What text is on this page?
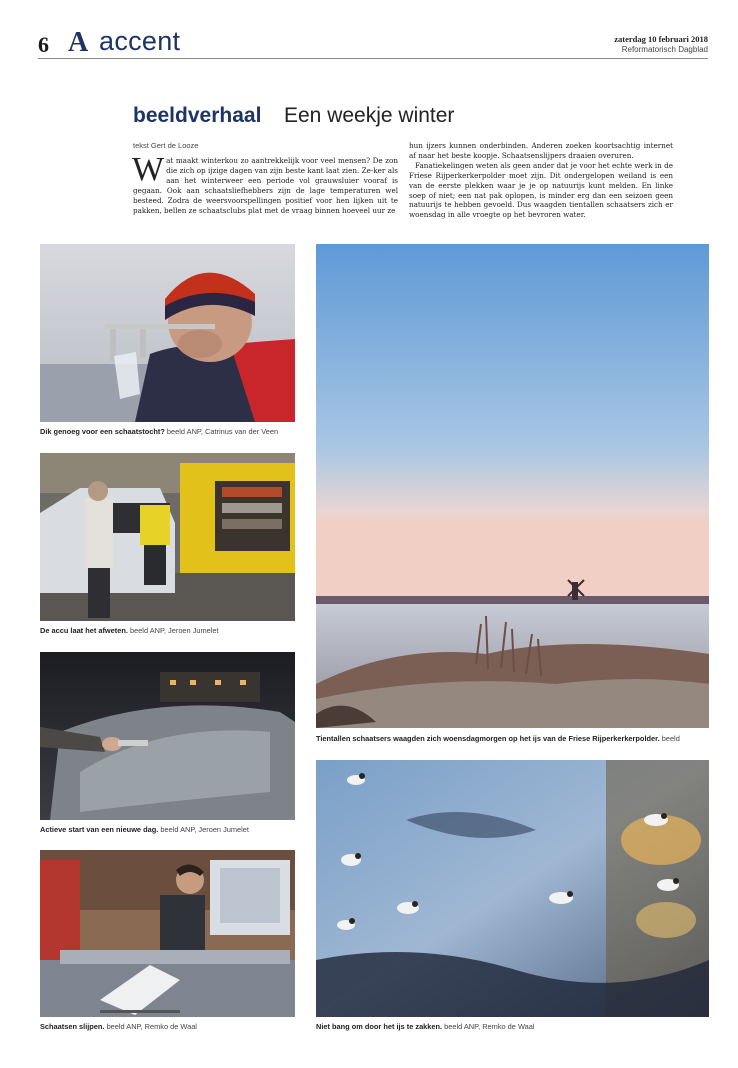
6 A accent	zaterdag 10 februari 2018
Reformatorisch Dagblad
beeldverhaal Een weekje winter
tekst Gert de Looze
Wat maakt winterkou zo aantrekkelijk voor veel mensen? De zon die zich op ijzige dagen van zijn beste kant laat zien. Ze-ker als aan het winterweer een periode vol grauwsluier vooraf is gegaan. Ook aan schaatsliefhebbers zijn de lage temperaturen wel besteed. Zodra de weersvoorspellingen positief voor hen lijken uit te pakken, bellen ze schaatsclubs plat met de vraag binnen hoeveel uur ze
hun ijzers kunnen onderbinden. Anderen zoeken koortsachtig internet af naar het beste koopje. Schaatsenslijpers draaien overuren.
Fanatiekelingen weten als geen ander dat je voor het echte werk in de Friese Rijperkerkerpolder moet zijn. Dit ondergelopen weiland is een van de eerste plekken waar je je op natuurijs kunt melden. En linke soep of niet; een nat pak oplopen, is minder erg dan een seizoen geen natuurijs te hebben gevoeld. Dus waagden tientallen schaatsers zich er woensdag in alle vroegte op het bevroren water.
Dik genoeg voor een schaatstocht? beeld ANP, Catrinus van der Veen
De accu laat het afweten. beeld ANP, Jeroen Jumelet
Actieve start van een nieuwe dag. beeld ANP, Jeroen Jumelet
Schaatsen slijpen. beeld ANP, Remko de Waal
Tientallen schaatsers waagden zich woensdagmorgen op het ijs van de Friese Rijperkerkerpolder. beeld
Niet bang om door het ijs te zakken. beeld ANP, Remko de Waal
